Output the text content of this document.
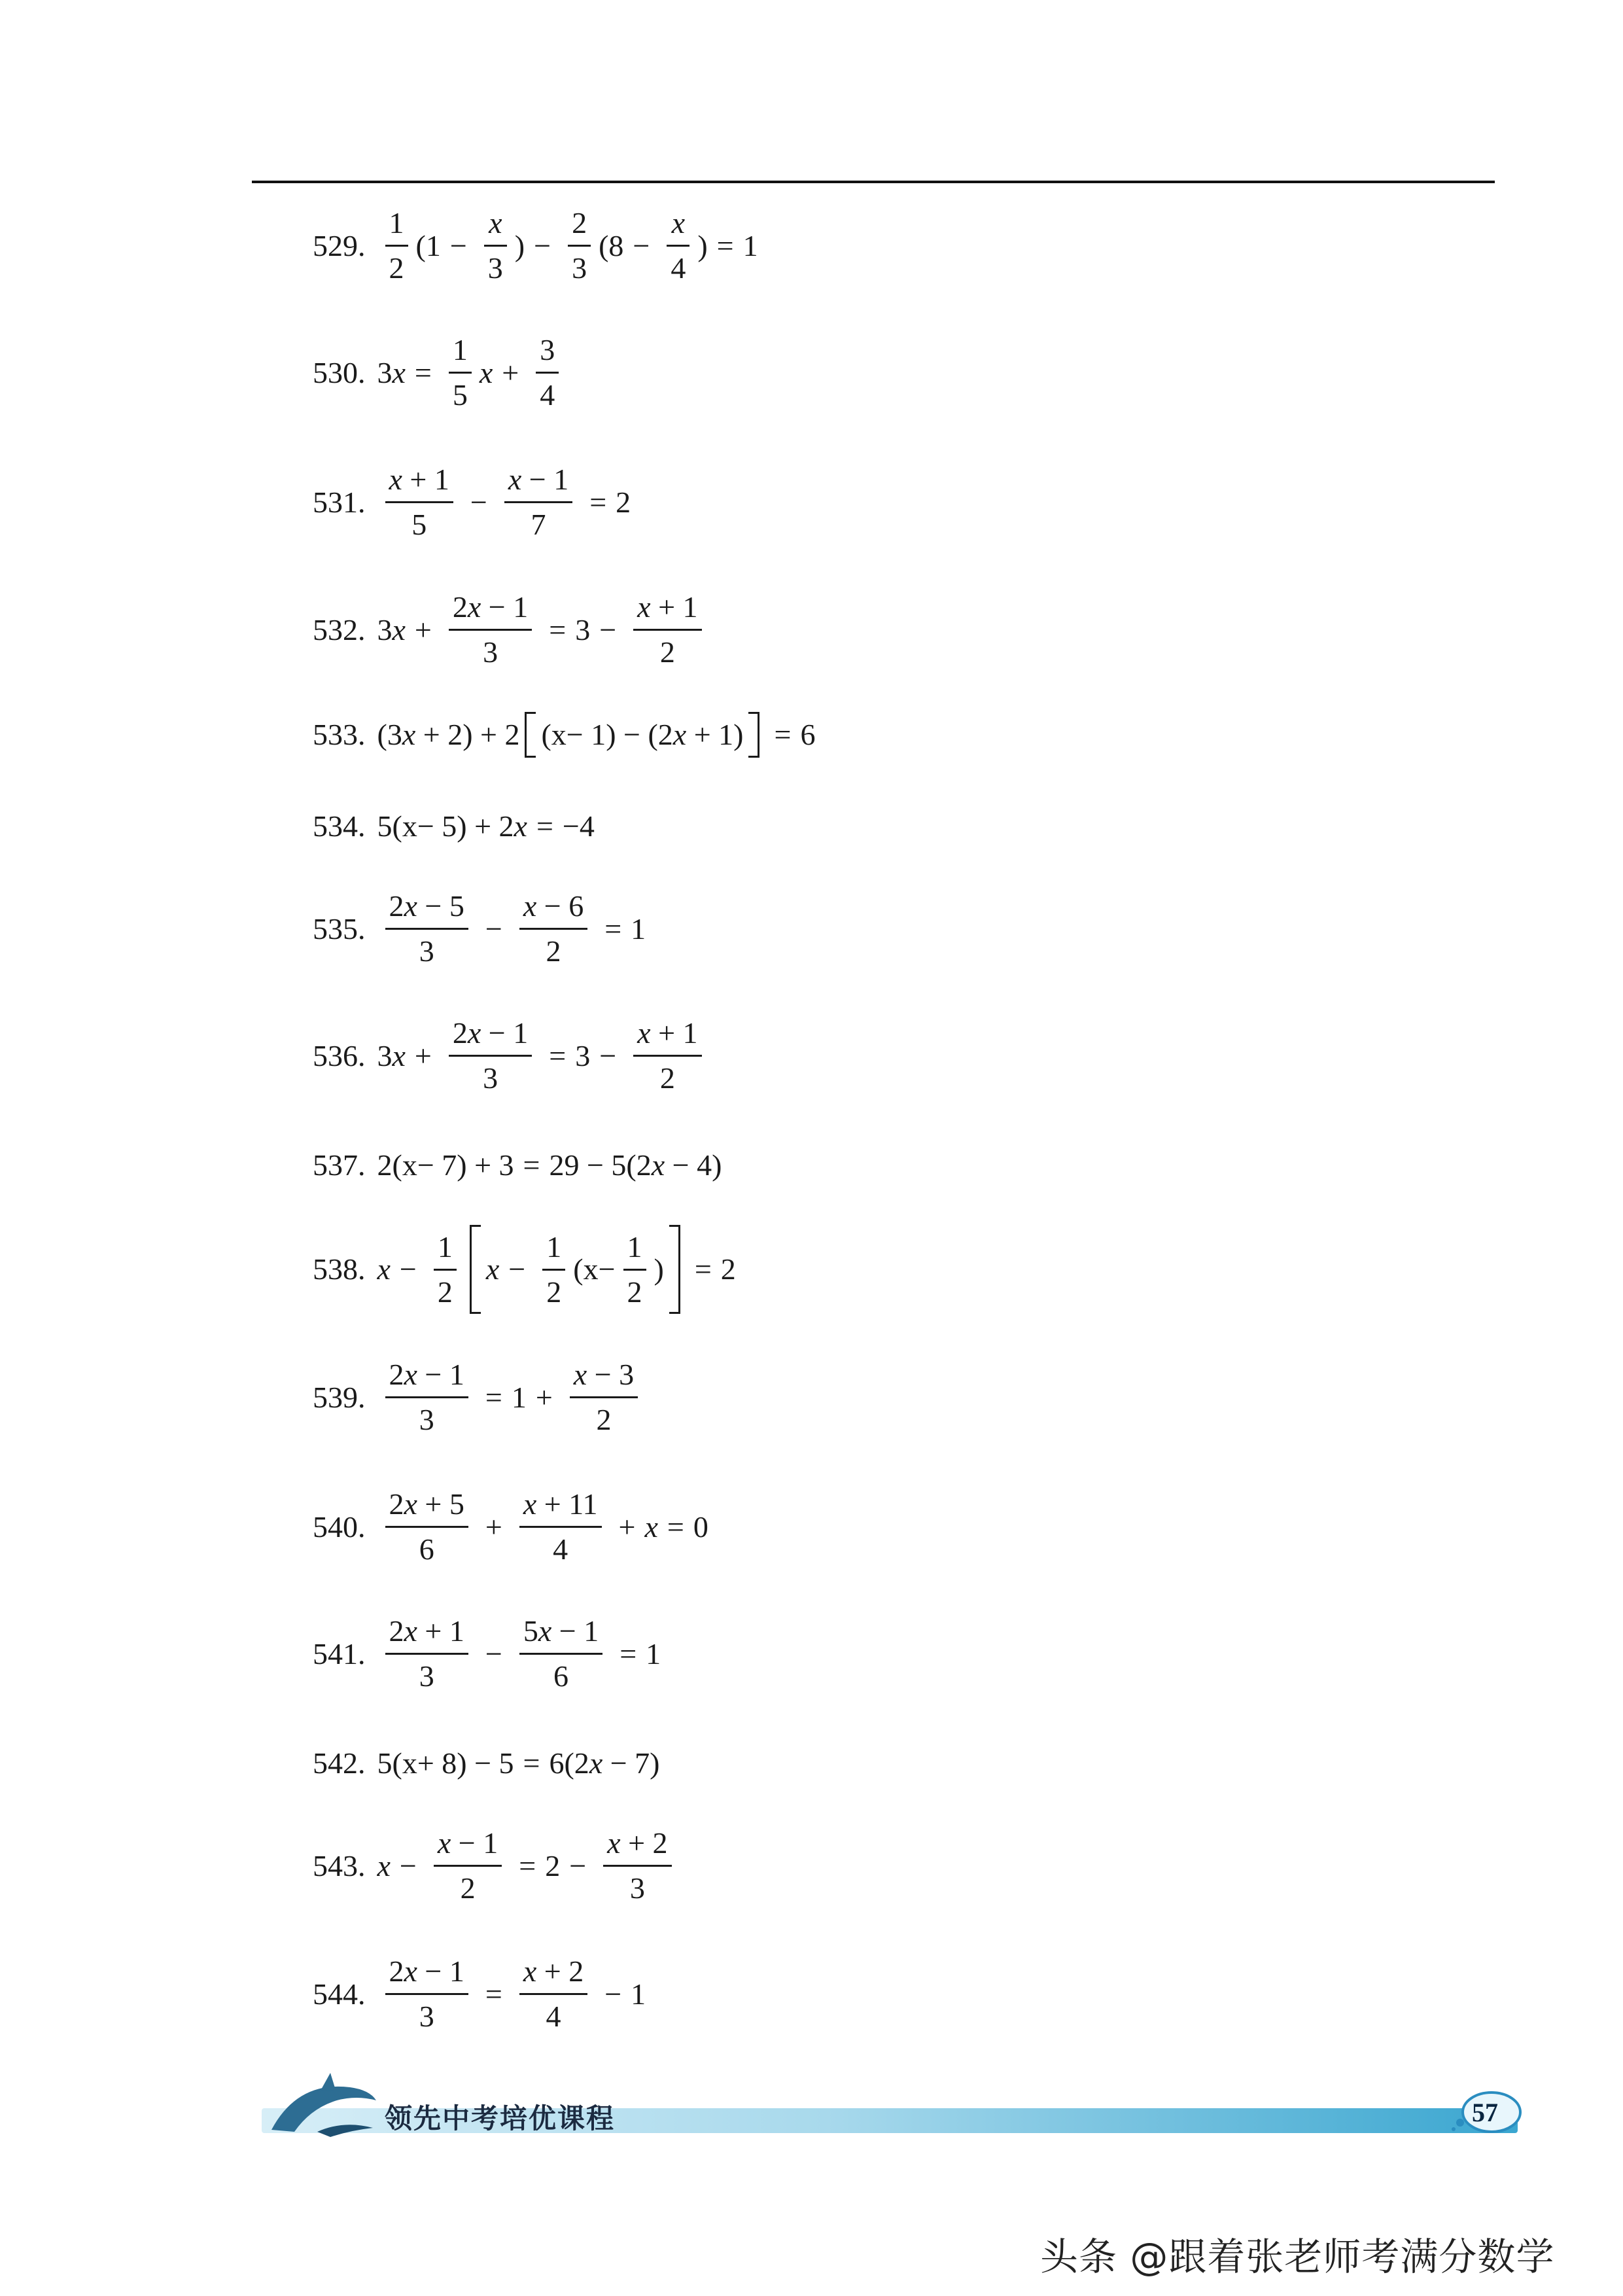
529. $\frac{1}{2} (1 - \frac{x}{3}$ ) − $\frac{2}{3} (8 - \frac{x}{4}$ ) = 1
530. $3x = \frac{1}{5}$ $x + \frac{3}{4}$
531. $\frac{x + 1}{5} - \frac{x - 1}{7} = 2$
532. $3x + \frac{2x - 1}{3} = 3 - \frac{x + 1}{2}$
533. (3x + 2) + 2 (x− 1) − (2x + 1) = 6
534. 5(x− 5) + 2x = −4
535. $\frac{2x - 5}{3} - \frac{x - 6}{2} = 1$
536. $3x + \frac{2x - 1}{3} = 3 - \frac{x + 1}{2}$
537. 2(x− 7) + 3 = 29 − 5(2x − 4)
538. $x - \frac{1}{2}$ $x - \frac{1}{2} (x- \frac{1}{2}$ ) = 2
539. $\frac{2x - 1}{3} = 1 + \frac{x - 3}{2}$
540. $\frac{2x + 5}{6} + \frac{x + 11}{4} + x = 0$
541. $\frac{2x + 1}{3} - \frac{5x - 1}{6} = 1$
542. 5(x+ 8) − 5 = 6(2x − 7)
543. $x - \frac{x - 1}{2} = 2 - \frac{x + 2}{3}$
544. $\frac{2x - 1}{3} = \frac{x + 2}{4} - 1$
领先中考培优课程	57
头条 @跟着张老师考满分数学
